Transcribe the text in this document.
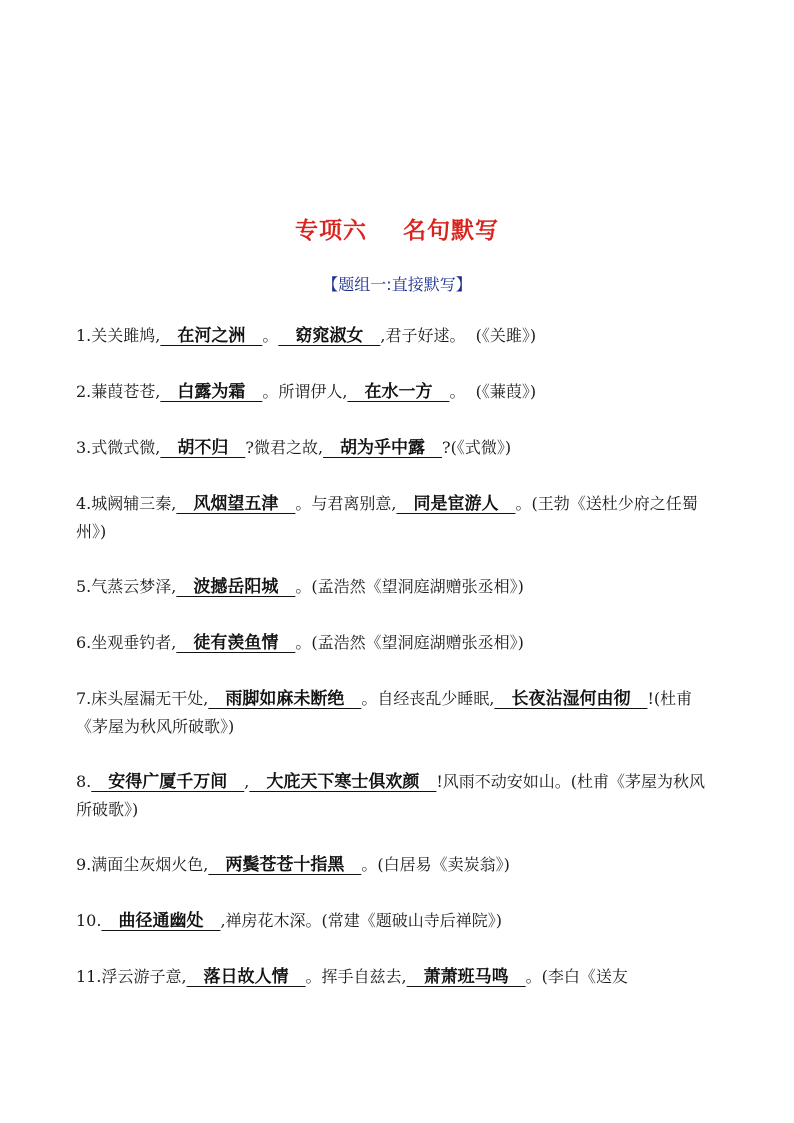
专项六    名句默写
【题组一:直接默写】
1.关关雎鸠,  在河之洲  。  窈窕淑女  ,君子好逑。  (《关雎》)
2.蒹葭苍苍,  白露为霜  。所谓伊人,  在水一方  。  (《蒹葭》)
3.式微式微,  胡不归  ?微君之故,  胡为乎中露  ?(《式微》)
4.城阙辅三秦,  风烟望五津  。与君离别意,  同是宦游人  。(王勃《送杜少府之任蜀州》)
5.气蒸云梦泽,  波撼岳阳城  。(孟浩然《望洞庭湖赠张丞相》)
6.坐观垂钓者,  徒有羡鱼情  。(孟浩然《望洞庭湖赠张丞相》)
7.床头屋漏无干处,  雨脚如麻未断绝  。自经丧乱少睡眠,  长夜沾湿何由彻  !(杜甫《茅屋为秋风所破歌》)
8.  安得广厦千万间  ,  大庇天下寒士俱欢颜  !风雨不动安如山。(杜甫《茅屋为秋风所破歌》)
9.满面尘灰烟火色,  两鬓苍苍十指黑  。(白居易《卖炭翁》)
10.  曲径通幽处  ,禅房花木深。(常建《题破山寺后禅院》)
11.浮云游子意,  落日故人情  。挥手自兹去,  萧萧班马鸣  。(李白《送友
